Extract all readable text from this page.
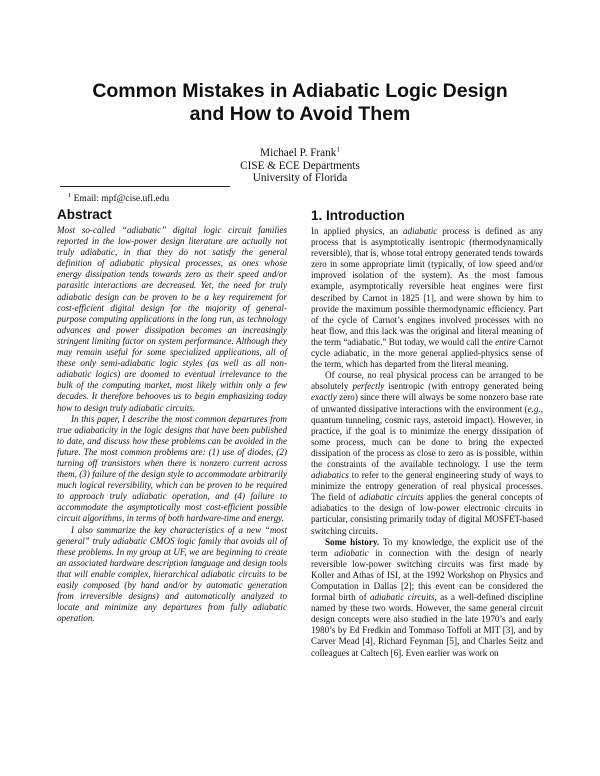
Common Mistakes in Adiabatic Logic Design
and How to Avoid Them
Michael P. Frank$^1$
CISE & ECE Departments
University of Florida
$^1$ Email: mpf@cise.ufl.edu
Abstract	1. Introduction

Most so-called “adiabatic” digital logic circuit families reported in the low-power design literature are actually not truly adiabatic, in that they do not satisfy the general definition of adiabatic physical processes, as ones whose energy dissipation tends towards zero as their speed and/or parasitic interactions are decreased. Yet, the need for truly adiabatic design can be proven to be a key requirement for cost-efficient digital design for the majority of general-purpose computing applications in the long run, as technology advances and power dissipation becomes an increasingly stringent limiting factor on system performance. Although they may remain useful for some specialized applications, all of these only semi-adiabatic logic styles (as well as all non-adiabatic logics) are doomed to eventual irrelevance to the bulk of the computing market, most likely within only a few decades. It therefore behooves us to begin emphasizing today how to design truly adiabatic circuits.

In this paper, I describe the most common departures from true adiabaticity in the logic designs that have been published to date, and discuss how these problems can be avoided in the future. The most common problems are: (1) use of diodes, (2) turning off transistors when there is nonzero current across them, (3) failure of the design style to accommodate arbitrarily much logical reversibility, which can be proven to be required to approach truly adiabatic operation, and (4) failure to accommodate the asymptotically most cost-efficient possible circuit algorithms, in terms of both hardware-time and energy.

I also summarize the key characteristics of a new “most general” truly adiabatic CMOS logic family that avoids all of these problems. In my group at UF, we are beginning to create an associated hardware description language and design tools that will enable complex, hierarchical adiabatic circuits to be easily composed (by hand and/or by automatic generation from irreversible designs) and automatically analyzed to locate and minimize any departures from fully adiabatic operation.

In applied physics, an adiabatic process is defined as any process that is asymptotically isentropic (thermodynamically reversible), that is, whose total entropy generated tends towards zero in some appropriate limit (typically, of low speed and/or improved isolation of the system). As the most famous example, asymptotically reversible heat engines were first described by Carnot in 1825 [1], and were shown by him to provide the maximum possible thermodynamic efficiency. Part of the cycle of Carnot’s engines involved processes with no heat flow, and this lack was the original and literal meaning of the term “adiabatic.” But today, we would call the entire Carnot cycle adiabatic, in the more general applied-physics sense of the term, which has departed from the literal meaning.

Of course, no real physical process can be arranged to be absolutely perfectly isentropic (with entropy generated being exactly zero) since there will always be some nonzero base rate of unwanted dissipative interactions with the environment (e.g., quantum tunneling, cosmic rays, asteroid impact). However, in practice, if the goal is to minimize the energy dissipation of some process, much can be done to bring the expected dissipation of the process as close to zero as is possible, within the constraints of the available technology. I use the term adiabatics to refer to the general engineering study of ways to minimize the entropy generation of real physical processes. The field of adiabatic circuits applies the general concepts of adiabatics to the design of low-power electronic circuits in particular, consisting primarily today of digital MOSFET-based switching circuits.

Some history. To my knowledge, the explicit use of the term adiabatic in connection with the design of nearly reversible low-power switching circuits was first made by Koller and Athas of ISI, at the 1992 Workshop on Physics and Computation in Dallas [2]; this event can be considered the formal birth of adiabatic circuits, as a well-defined discipline named by these two words. However, the same general circuit design concepts were also studied in the late 1970’s and early 1980’s by Ed Fredkin and Tommaso Toffoli at MIT [3], and by Carver Mead [4], Richard Feynman [5], and Charles Seitz and colleagues at Caltech [6]. Even earlier was work on
